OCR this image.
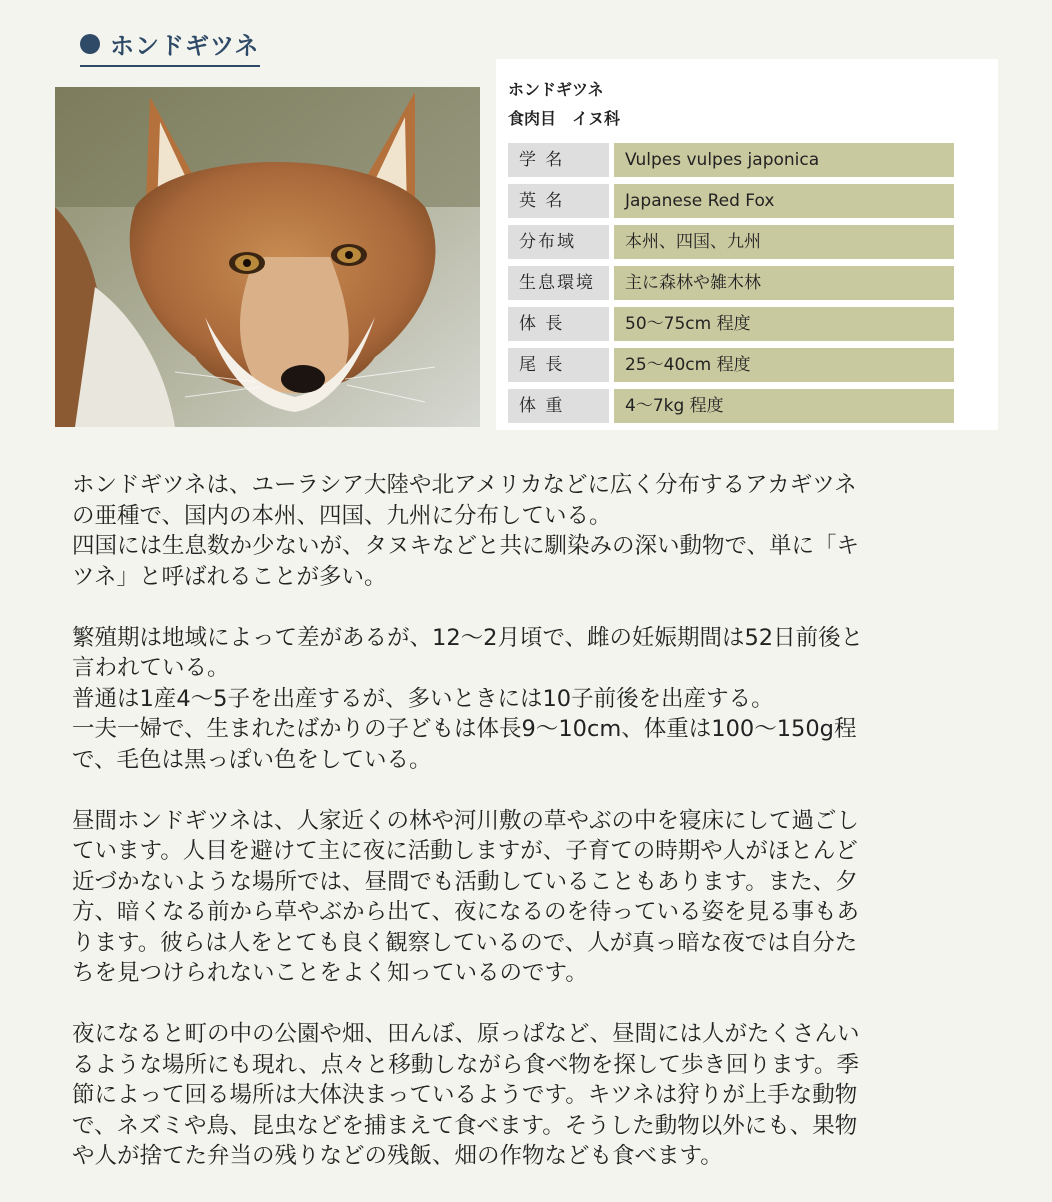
ホンドギツネ
ホンドギツネ
食肉目　イヌ科
学 名	Vulpes vulpes japonica
英 名	Japanese Red Fox
分布域	本州、四国、九州
生息環境	主に森林や雑木林
体 長	50〜75cm 程度
尾 長	25〜40cm 程度
体 重	4〜7kg 程度

ホンドギツネは、ユーラシア大陸や北アメリカなどに広く分布するアカギツネ
の亜種で、国内の本州、四国、九州に分布している。
四国には生息数か少ないが、タヌキなどと共に馴染みの深い動物で、単に「キ
ツネ」と呼ばれることが多い。

繁殖期は地域によって差があるが、12〜2月頃で、雌の妊娠期間は52日前後と
言われている。
普通は1産4〜5子を出産するが、多いときには10子前後を出産する。
一夫一婦で、生まれたばかりの子どもは体長9〜10cm、体重は100〜150g程
で、毛色は黒っぽい色をしている。

昼間ホンドギツネは、人家近くの林や河川敷の草やぶの中を寝床にして過ごし
ています。人目を避けて主に夜に活動しますが、子育ての時期や人がほとんど
近づかないような場所では、昼間でも活動していることもあります。また、夕
方、暗くなる前から草やぶから出て、夜になるのを待っている姿を見る事もあ
ります。彼らは人をとても良く観察しているので、人が真っ暗な夜では自分た
ちを見つけられないことをよく知っているのです。

夜になると町の中の公園や畑、田んぼ、原っぱなど、昼間には人がたくさんい
るような場所にも現れ、点々と移動しながら食べ物を探して歩き回ります。季
節によって回る場所は大体決まっているようです。キツネは狩りが上手な動物
で、ネズミや鳥、昆虫などを捕まえて食べます。そうした動物以外にも、果物
や人が捨てた弁当の残りなどの残飯、畑の作物なども食べます。
